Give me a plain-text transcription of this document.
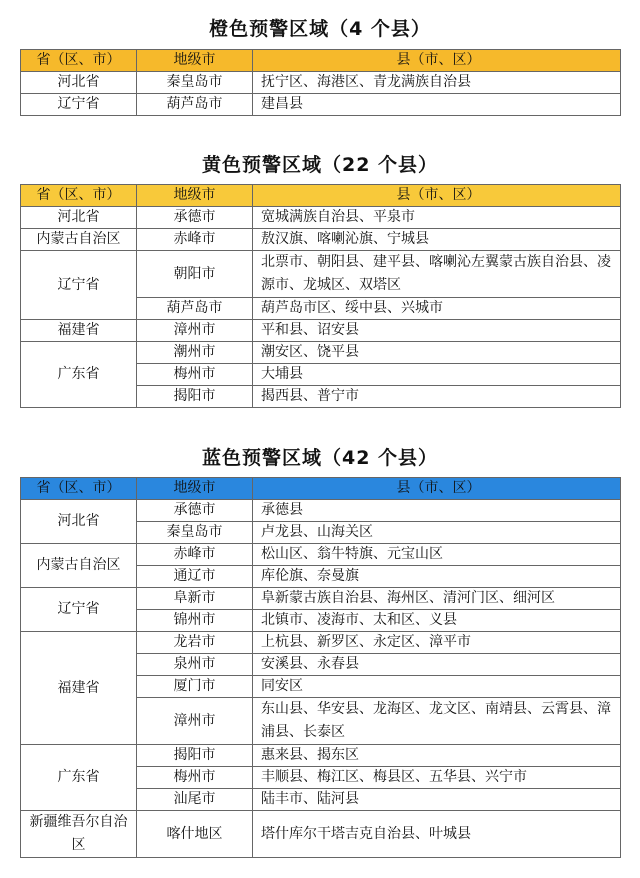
橙色预警区域（4 个县）
省（区、市）	地级市	县（市、区）
河北省	秦皇岛市	抚宁区、海港区、青龙满族自治县
辽宁省	葫芦岛市	建昌县
黄色预警区域（22 个县）
省（区、市）	地级市	县（市、区）
河北省	承德市	宽城满族自治县、平泉市
内蒙古自治区	赤峰市	敖汉旗、喀喇沁旗、宁城县
辽宁省	朝阳市	北票市、朝阳县、建平县、喀喇沁左翼蒙古族自治县、凌源市、龙城区、双塔区
	葫芦岛市	葫芦岛市区、绥中县、兴城市
福建省	漳州市	平和县、诏安县
广东省	潮州市	潮安区、饶平县
	梅州市	大埔县
	揭阳市	揭西县、普宁市
蓝色预警区域（42 个县）
省（区、市）	地级市	县（市、区）
河北省	承德市	承德县
	秦皇岛市	卢龙县、山海关区
内蒙古自治区	赤峰市	松山区、翁牛特旗、元宝山区
	通辽市	库伦旗、奈曼旗
辽宁省	阜新市	阜新蒙古族自治县、海州区、清河门区、细河区
	锦州市	北镇市、凌海市、太和区、义县
福建省	龙岩市	上杭县、新罗区、永定区、漳平市
	泉州市	安溪县、永春县
	厦门市	同安区
	漳州市	东山县、华安县、龙海区、龙文区、南靖县、云霄县、漳浦县、长泰区
广东省	揭阳市	惠来县、揭东区
	梅州市	丰顺县、梅江区、梅县区、五华县、兴宁市
	汕尾市	陆丰市、陆河县
新疆维吾尔自治区	喀什地区	塔什库尔干塔吉克自治县、叶城县
